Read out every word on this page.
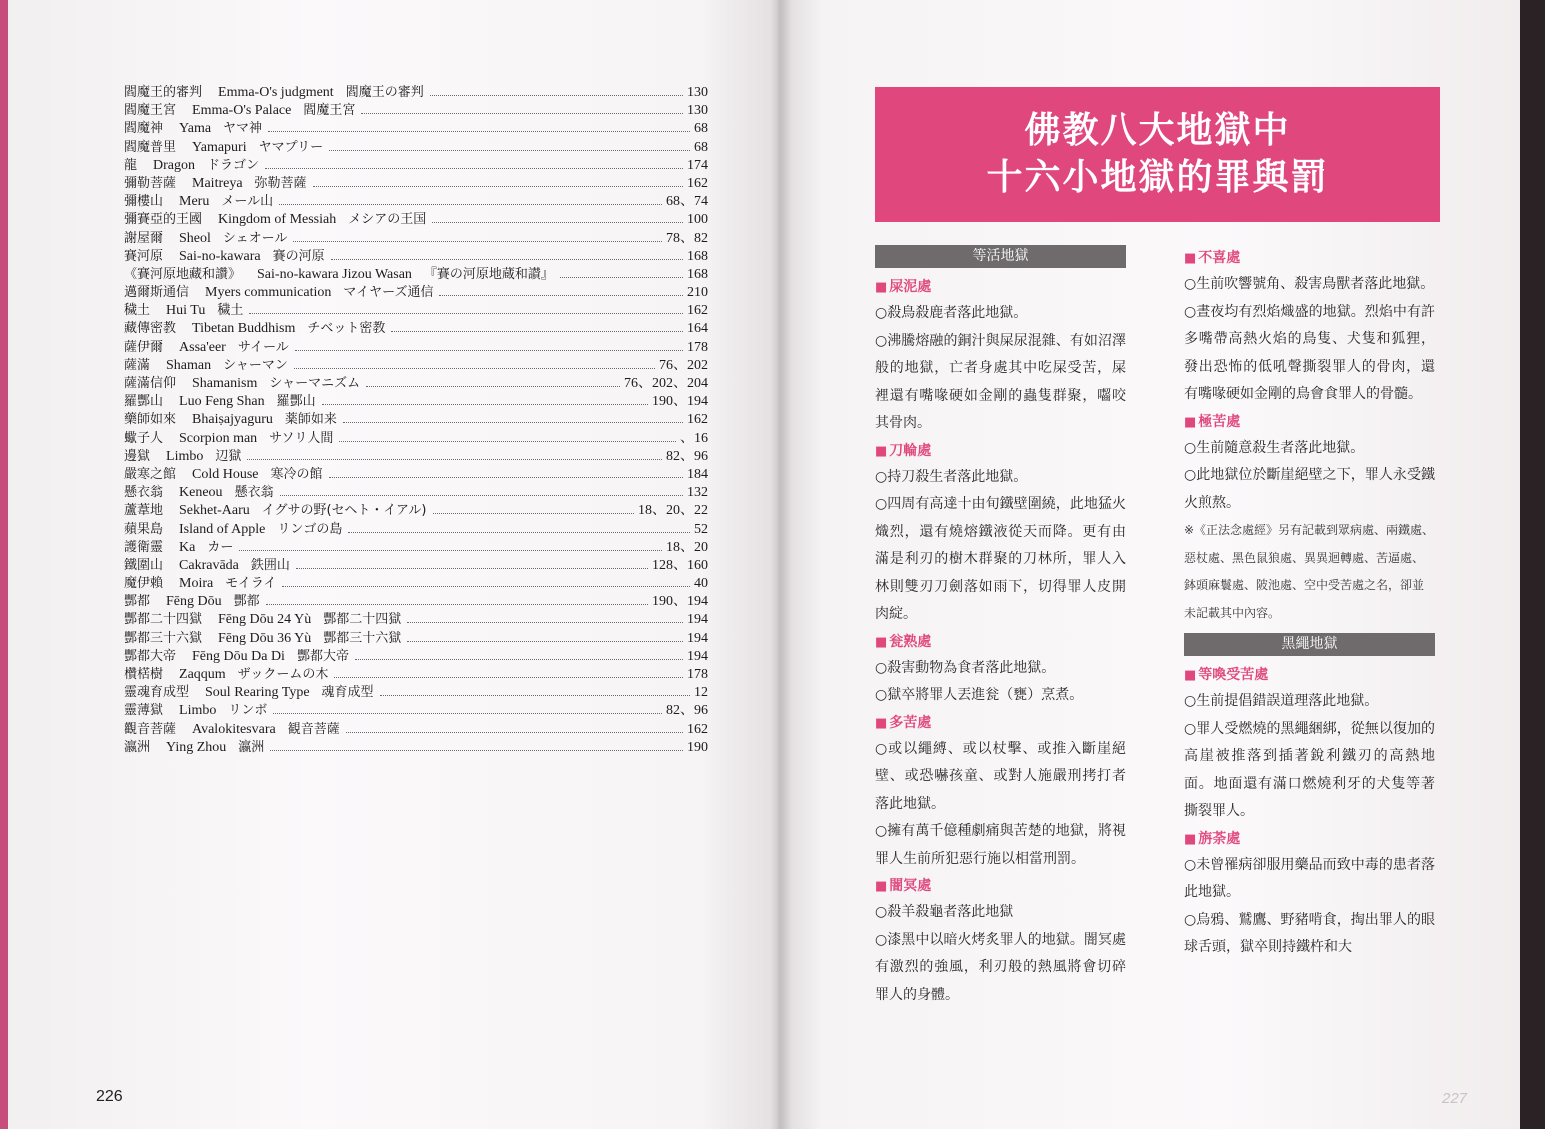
閻魔王的審判 Emma-O's judgment 閻魔王の審判	130
閻魔王宮 Emma-O's Palace 閻魔王宮	130
閻魔神 Yama ヤマ神	68
閻魔普里 Yamapuri ヤマプリー	68
龍 Dragon ドラゴン	174
彌勒菩薩 Maitreya 弥勒菩薩	162
彌樓山 Meru メール山	68、74
彌賽亞的王國 Kingdom of Messiah メシアの王国	100
謝屋爾 Sheol シェオール	78、82
賽河原 Sai-no-kawara 賽の河原	168
《賽河原地藏和讚》 Sai-no-kawara Jizou Wasan 『賽の河原地蔵和讃』	168
邁爾斯通信 Myers communication マイヤーズ通信	210
穢土 Hui Tu 穢土	162
藏傳密教 Tibetan Buddhism チベット密教	164
薩伊爾 Assa'eer サイール	178
薩滿 Shaman シャーマン	76、202
薩滿信仰 Shamanism シャーマニズム	76、202、204
羅酆山 Luo Feng Shan 羅酆山	190、194
藥師如來 Bhaiṣajyaguru 薬師如来	162
蠍子人 Scorpion man サソリ人間	、16
邊獄 Limbo 辺獄	82、96
嚴寒之館 Cold House 寒冷の館	184
懸衣翁 Keneou 懸衣翁	132
蘆葦地 Sekhet-Aaru イグサの野(セヘト・イアル)	18、20、22
蘋果島 Island of Apple リンゴの島	52
護衛靈 Ka カー	18、20
鐵圍山 Cakravāda 鉄囲山	128、160
魔伊賴 Moira モイライ	40
酆都 Fēng Dōu 酆都	190、194
酆都二十四獄 Fēng Dōu 24 Yù 酆都二十四獄	194
酆都三十六獄 Fēng Dōu 36 Yù 酆都三十六獄	194
酆都大帝 Fēng Dōu Da Di 酆都大帝	194
欑楛樹 Zaqqum ザックームの木	178
靈魂育成型 Soul Rearing Type 魂育成型	12
靈薄獄 Limbo リンボ	82、96
觀音菩薩 Avalokitesvara 観音菩薩	162
瀛洲 Ying Zhou 瀛洲	190
226
佛教八大地獄中
十六小地獄的罪與罰
等活地獄
■ 屎泥處
○殺鳥殺鹿者落此地獄。
○沸騰熔融的銅汁與屎尿混雜、有如沼澤般的地獄，亡者身處其中吃屎受苦，屎裡還有嘴喙硬如金剛的蟲隻群聚，囓咬其骨肉。
■ 刀輪處
○持刀殺生者落此地獄。
○四周有高達十由旬鐵壁圍繞，此地猛火熾烈，還有燒熔鐵液從天而降。更有由滿是利刃的樹木群聚的刀林所，罪人入林則雙刃刀劍落如雨下，切得罪人皮開肉綻。
■ 瓮熟處
○殺害動物為食者落此地獄。
○獄卒將罪人丟進瓮（甕）烹煮。
■ 多苦處
○或以繩縛、或以杖擊、或推入斷崖絕壁、或恐嚇孩童、或對人施嚴刑拷打者落此地獄。
○擁有萬千億種劇痛與苦楚的地獄，將視罪人生前所犯惡行施以相當刑罰。
■ 闇冥處
○殺羊殺龜者落此地獄
○漆黑中以暗火烤炙罪人的地獄。闇冥處有激烈的強風，利刃般的熱風將會切碎罪人的身體。
■ 不喜處
○生前吹響號角、殺害鳥獸者落此地獄。
○晝夜均有烈焰熾盛的地獄。烈焰中有許多嘴帶高熱火焰的鳥隻、犬隻和狐狸，發出恐怖的低吼聲撕裂罪人的骨肉，還有嘴喙硬如金剛的鳥會食罪人的骨髓。
■ 極苦處
○生前隨意殺生者落此地獄。
○此地獄位於斷崖絕壁之下，罪人永受鐵火煎熬。
※《正法念處經》另有記載到眾病處、兩鐵處、惡杖處、黑色鼠狼處、異異迴轉處、苦逼處、鉢頭麻鬟處、陂池處、空中受苦處之名，卻並未記載其中內容。
黑繩地獄
■ 等喚受苦處
○生前提倡錯誤道理落此地獄。
○罪人受燃燒的黑繩綑綁，從無以復加的高崖被推落到插著銳利鐵刃的高熱地面。地面還有滿口燃燒利牙的犬隻等著撕裂罪人。
■ 旃荼處
○未曾罹病卻服用藥品而致中毒的患者落此地獄。
○烏鴉、鷲鷹、野豬啃食，掏出罪人的眼球舌頭，獄卒則持鐵杵和大
227
